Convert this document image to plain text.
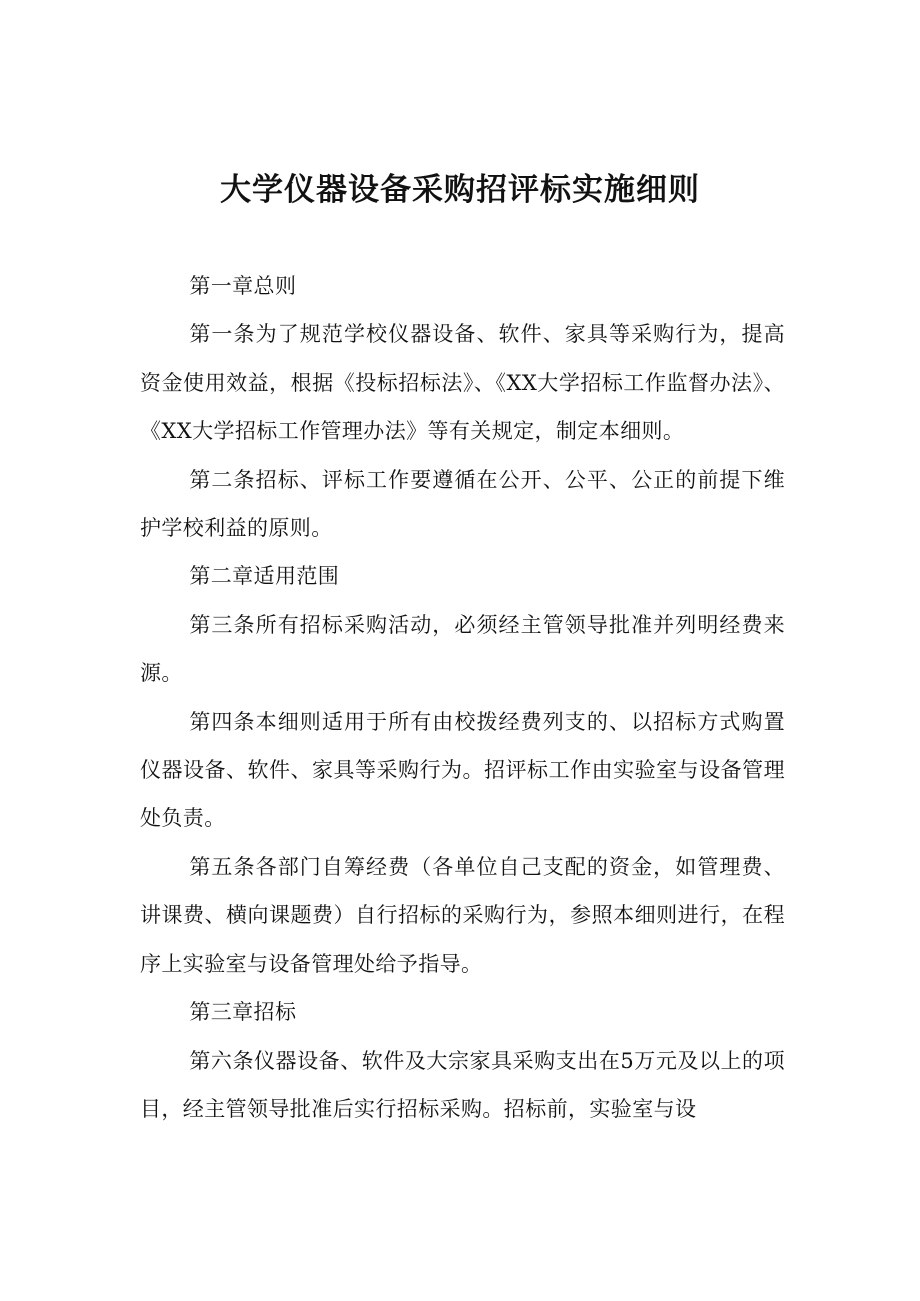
大学仪器设备采购招评标实施细则

第一章总则

第一条为了规范学校仪器设备、软件、家具等采购行为，提高资金使用效益，根据《投标招标法》、《XX大学招标工作监督办法》、《XX大学招标工作管理办法》等有关规定，制定本细则。

第二条招标、评标工作要遵循在公开、公平、公正的前提下维护学校利益的原则。

第二章适用范围

第三条所有招标采购活动，必须经主管领导批准并列明经费来源。

第四条本细则适用于所有由校拨经费列支的、以招标方式购置仪器设备、软件、家具等采购行为。招评标工作由实验室与设备管理处负责。

第五条各部门自筹经费（各单位自己支配的资金，如管理费、讲课费、横向课题费）自行招标的采购行为，参照本细则进行，在程序上实验室与设备管理处给予指导。

第三章招标

第六条仪器设备、软件及大宗家具采购支出在5万元及以上的项目，经主管领导批准后实行招标采购。招标前，实验室与设
